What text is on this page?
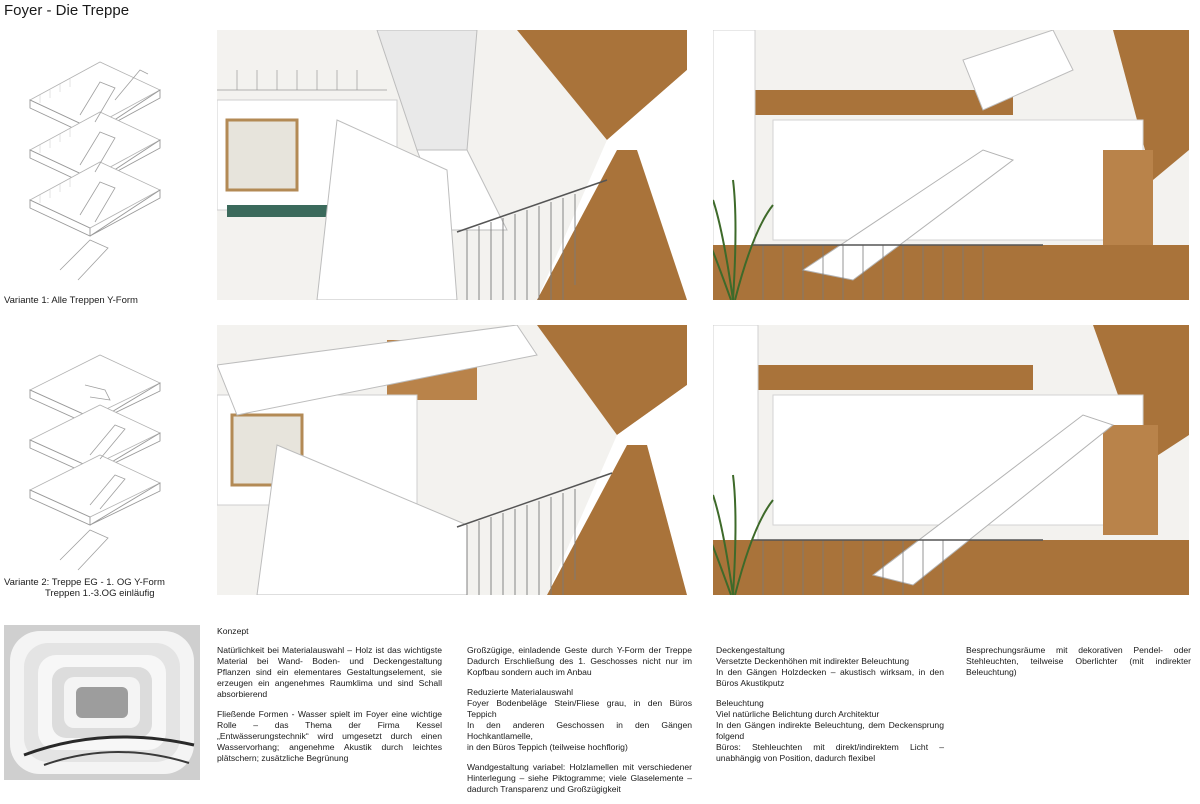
Foyer - Die Treppe
Variante 1: Alle Treppen Y-Form
Variante 2: Treppe EG - 1. OG Y-Form
Treppen 1.-3.OG einläufig
Konzept

Natürlichkeit bei Materialauswahl – Holz ist das wichtigste Material bei Wand- Boden- und Deckengestaltung Pflanzen sind ein elementares Gestaltungselement, sie erzeugen ein angenehmes Raumklima und sind Schall absorbierend

Fließende Formen - Wasser spielt im Foyer eine wichtige Rolle – das Thema der Firma Kessel „Entwässerungstechnik“ wird umgesetzt durch einen Wasservorhang; angenehme Akustik durch leichtes plätschern; zusätzliche Begrünung

Großzügige, einladende Geste durch Y-Form der Treppe Dadurch Erschließung des 1. Geschosses nicht nur im Kopfbau sondern auch im Anbau

Reduzierte Materialauswahl
Foyer Bodenbeläge Stein/Fliese grau, in den Büros Teppich
In den anderen Geschossen in den Gängen Hochkantlamelle,
in den Büros Teppich (teilweise hochflorig)

Wandgestaltung variabel: Holzlamellen mit verschiedener Hinterlegung – siehe Piktogramme; viele Glaselemente – dadurch Transparenz und Großzügigkeit

Deckengestaltung
Versetzte Deckenhöhen mit indirekter Beleuchtung
In den Gängen Holzdecken – akustisch wirksam, in den Büros Akustikputz

Beleuchtung
Viel natürliche Belichtung durch Architektur
In den Gängen indirekte Beleuchtung, dem Deckensprung folgend
Büros: Stehleuchten mit direkt/indirektem Licht – unabhängig von Position, dadurch flexibel

Besprechungsräume mit dekorativen Pendel- oder Stehleuchten, teilweise Oberlichter (mit indirekter Beleuchtung)
